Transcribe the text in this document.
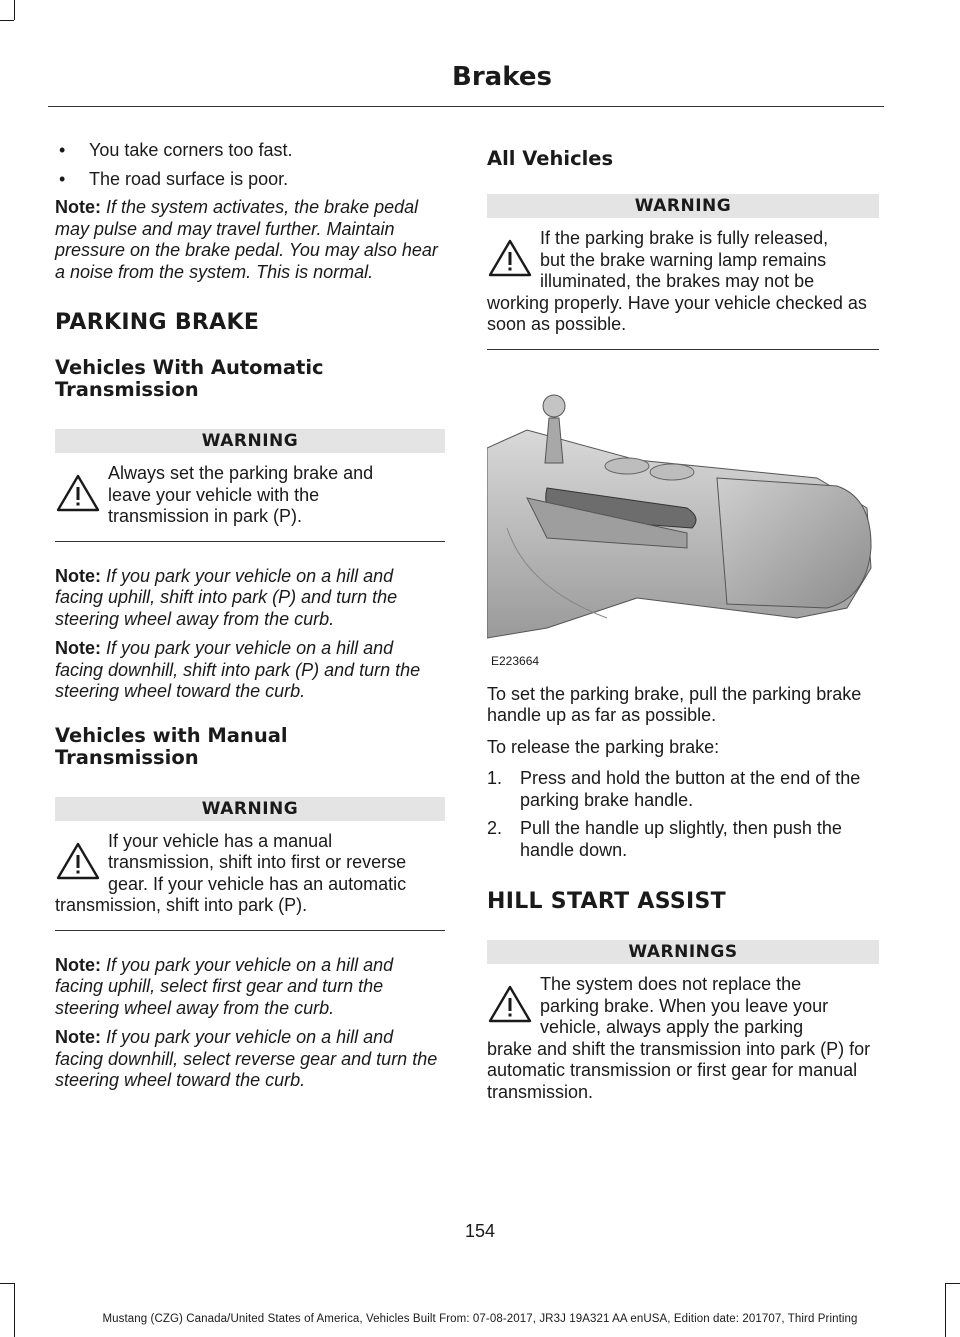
Brakes

• You take corners too fast.

• The road surface is poor.

Note: If the system activates, the brake pedal may pulse and may travel further. Maintain pressure on the brake pedal. You may also hear a noise from the system. This is normal.

PARKING BRAKE
Vehicles With Automatic
Transmission
WARNING
Always set the parking brake and
leave your vehicle with the
transmission in park (P).

Note: If you park your vehicle on a hill and facing uphill, shift into park (P) and turn the steering wheel away from the curb.

Note: If you park your vehicle on a hill and facing downhill, shift into park (P) and turn the steering wheel toward the curb.

Vehicles with Manual
Transmission
WARNING
If your vehicle has a manual
transmission, shift into first or reverse
gear. If your vehicle has an automatic
transmission, shift into park (P).

Note: If you park your vehicle on a hill and facing uphill, select first gear and turn the steering wheel away from the curb.

Note: If you park your vehicle on a hill and facing downhill, select reverse gear and turn the steering wheel toward the curb.

All Vehicles
WARNING
If the parking brake is fully released,
but the brake warning lamp remains
illuminated, the brakes may not be
working properly. Have your vehicle checked as soon as possible.
E223664

To set the parking brake, pull the parking brake handle up as far as possible.

To release the parking brake:

1. Press and hold the button at the end of the parking brake handle.

2. Pull the handle up slightly, then push the handle down.

HILL START ASSIST
WARNINGS
The system does not replace the
parking brake. When you leave your
vehicle, always apply the parking
brake and shift the transmission into park (P) for automatic transmission or first gear for manual transmission.
154
Mustang (CZG) Canada/United States of America, Vehicles Built From: 07-08-2017, JR3J 19A321 AA enUSA, Edition date: 201707, Third Printing
